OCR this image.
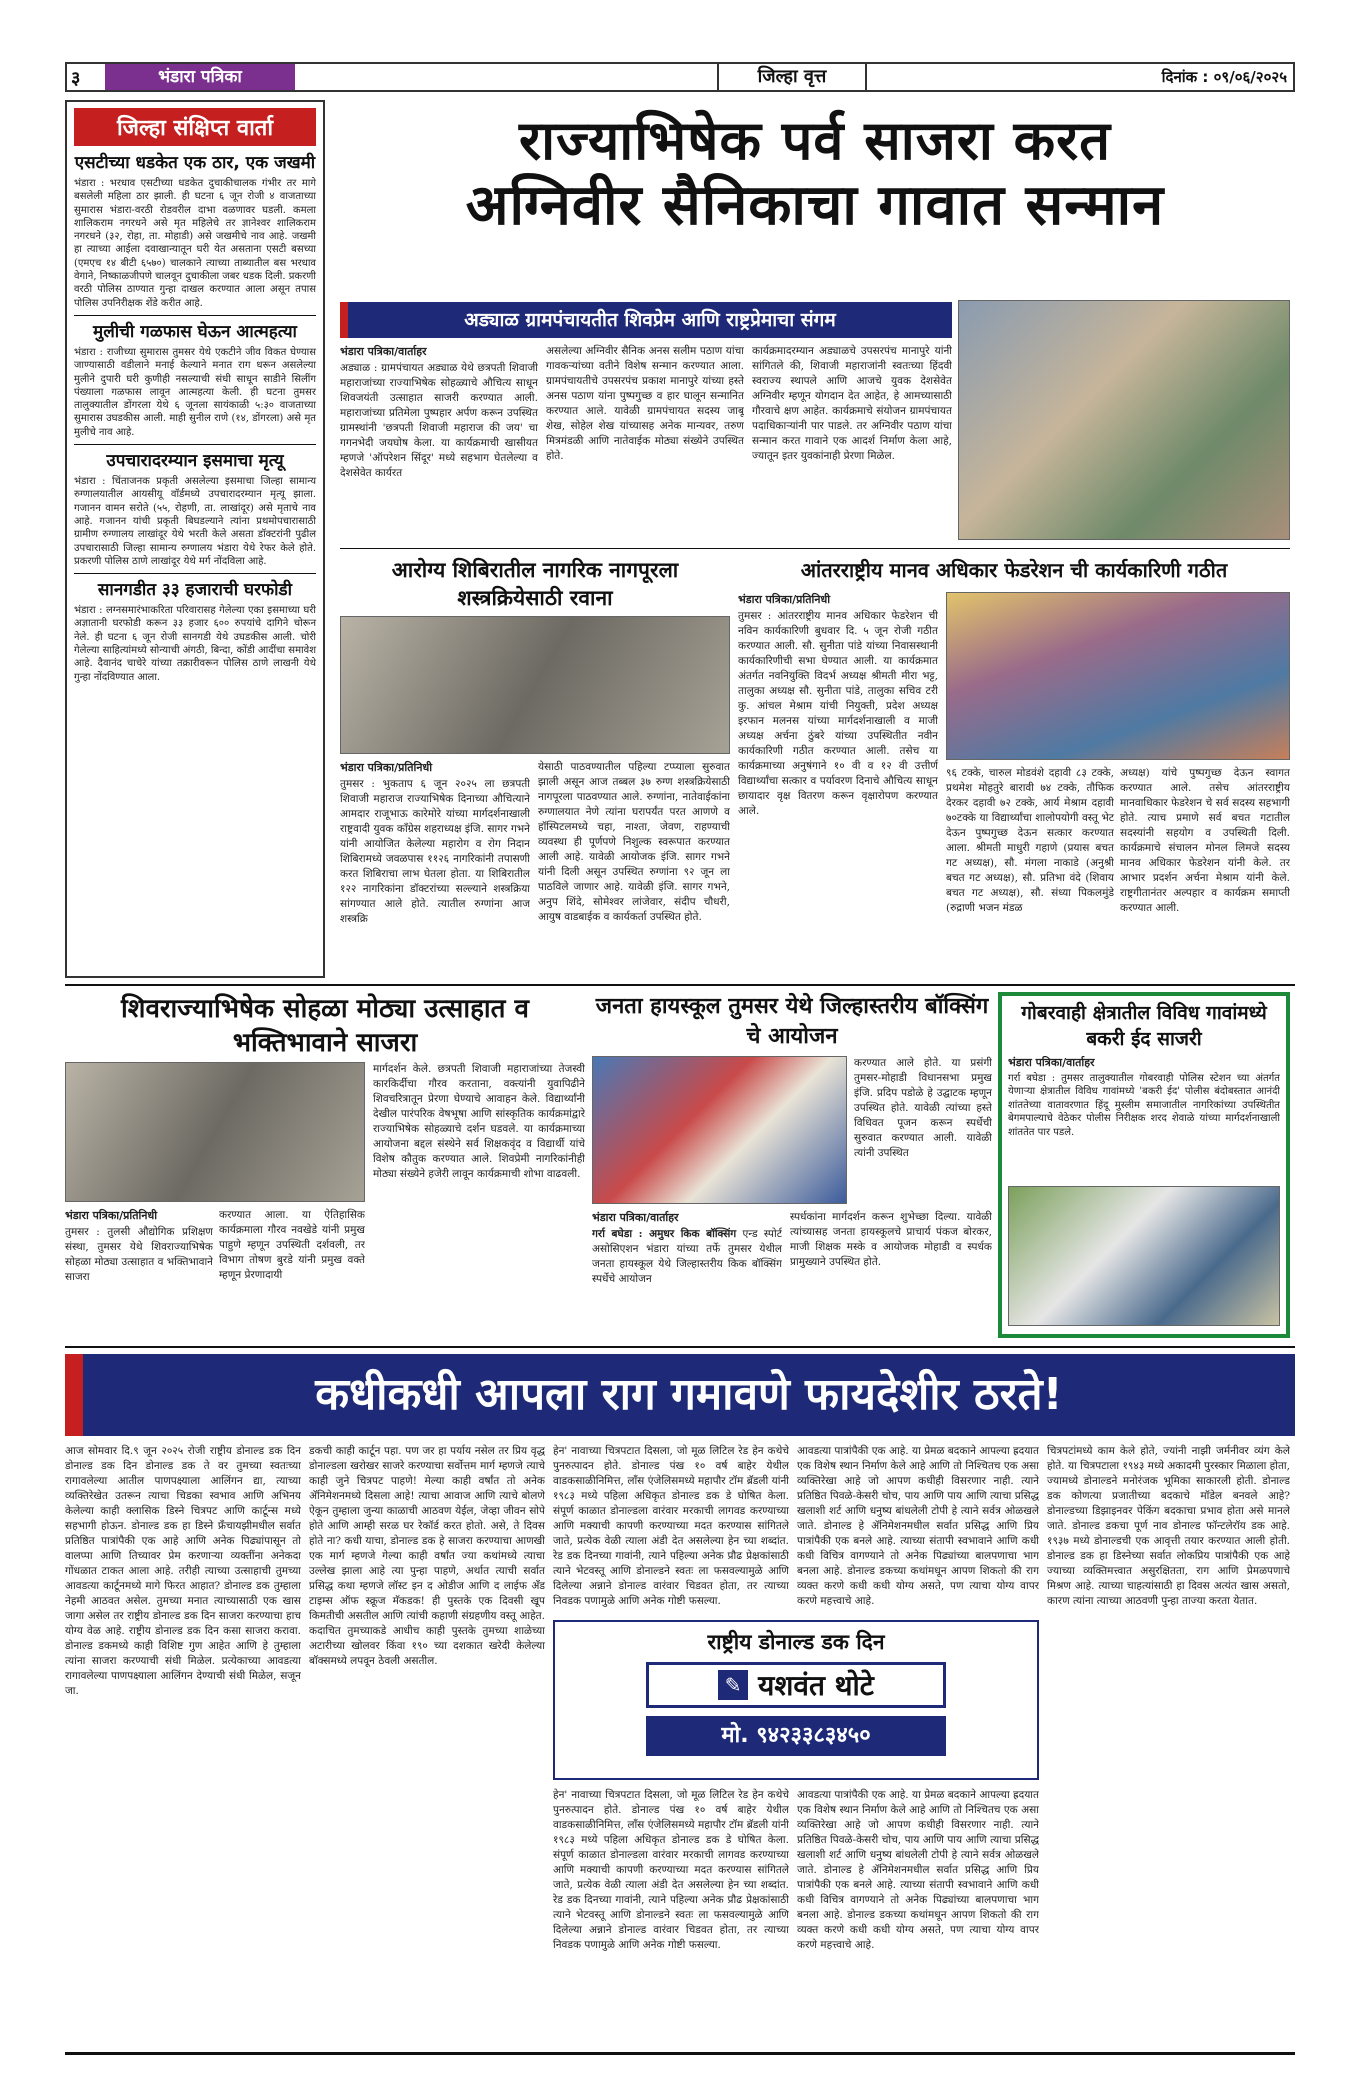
३	भंडारा पत्रिका	जिल्हा वृत्त	दिनांक : ०९/०६/२०२५
जिल्हा संक्षिप्त वार्ता
एसटीच्या धडकेत एक ठार, एक जखमी
भंडारा : भरधाव एसटीच्या धडकेत दुचाकीचालक गंभीर तर मागे बसलेली महिला ठार झाली. ही घटना ६ जून रोजी ४ वाजताच्या सुमारास भंडारा-वरठी रोडवरील दाभा वळणावर घडली. कमला शालिकराम नगरधने असे मृत महिलेचे तर ज्ञानेश्वर शालिकराम नगरधने (३२, रोहा, ता. मोहाडी) असे जखमीचे नाव आहे. जखमी हा त्याच्या आईला दवाखान्यातून घरी येत असताना एसटी बसच्या (एमएच १४ बीटी ६५७०) चालकाने त्याच्या ताब्यातील बस भरधाव वेगाने, निष्काळजीपणे चालवून दुचाकीला जबर धडक दिली. प्रकरणी वरठी पोलिस ठाण्यात गुन्हा दाखल करण्यात आला असून तपास पोलिस उपनिरीक्षक शेंडे करीत आहे.
मुलीची गळफास घेऊन आत्महत्या
भंडारा : राजीच्या सुमारास तुमसर येथे एकटीने जीव विकत घेण्यास जाण्यासाठी वडीलाने मनाई केल्याने मनात राग धरून असलेल्या मुलीने दुपारी घरी कुणीही नसल्याची संधी साधून साडीने सिलींग पंख्याला गळफास लावून आत्महत्या केली. ही घटना तुमसर तालुक्यातील डोंगरला येथे ६ जूनला सायंकाळी ५:३० वाजताच्या सुमारास उघडकीस आली. माही सुनील राणे (१४, डोंगरला) असे मृत मुलीचे नाव आहे.
उपचारादरम्यान इसमाचा मृत्यू
भंडारा : चिंताजनक प्रकृती असलेल्या इसमाचा जिल्हा सामान्य रुग्णालयातील आयसीयू वॉर्डमध्ये उपचारादरम्यान मृत्यू झाला. गजानन वामन सरोते (५५, रोहणी, ता. लाखांदूर) असे मृताचे नाव आहे. गजानन यांची प्रकृती बिघडल्याने त्यांना प्रथमोपचारासाठी ग्रामीण रुग्णालय लाखांदूर येथे भरती केले असता डॉक्टरांनी पुढील उपचारासाठी जिल्हा सामान्य रुग्णालय भंडारा येथे रेफर केले होते. प्रकरणी पोलिस ठाणे लाखांदूर येथे मर्ग नोंदविला आहे.
सानगडीत ३३ हजाराची घरफोडी
भंडारा : लग्नसमारंभाकरिता परिवारासह गेलेल्या एका इसमाच्या घरी अज्ञातानी घरफोडी करून ३३ हजार ६०० रुपयांचे दागिने चोरून नेले. ही घटना ६ जून रोजी सानगडी येथे उघडकीस आली. चोरी गेलेल्या साहित्यांमध्ये सोन्याची अंगठी, बिन्दा, कोंडी आदींचा समावेश आहे. दैवानंद चाचेरे यांच्या तक्रारीवरून पोलिस ठाणे लाखनी येथे गुन्हा नोंदविण्यात आला.
राज्याभिषेक पर्व साजरा करत
अग्निवीर सैनिकाचा गावात सन्मान
अड्याळ ग्रामपंचायतीत शिवप्रेम आणि राष्ट्रप्रेमाचा संगम
भंडारा पत्रिका/वार्ताहर
अड्याळ : ग्रामपंचायत अड्याळ येथे छत्रपती शिवाजी महाराजांच्या राज्याभिषेक सोहळ्याचे औचित्य साधून शिवजयंती उत्साहात साजरी करण्यात आली. महाराजांच्या प्रतिमेला पुष्पहार अर्पण करून उपस्थित ग्रामस्थांनी 'छत्रपती शिवाजी महाराज की जय' चा गगनभेदी जयघोष केला. या कार्यक्रमाची खासीयत म्हणजे 'ऑपरेशन सिंदूर' मध्ये सहभाग घेतलेल्या व देशसेवेत कार्यरत
असलेल्या अग्निवीर सैनिक अनस सलीम पठाण यांचा गावकऱ्यांच्या वतीने विशेष सन्मान करण्यात आला. ग्रामपंचायतीचे उपसरपंच प्रकाश मानापुरे यांच्या हस्ते अनस पठाण यांना पुष्पगुच्छ व हार घालून सन्मानित करण्यात आले. यावेळी ग्रामपंचायत सदस्य जाबू शेख, सोहेल शेख यांच्यासह अनेक मान्यवर, तरुण मित्रमंडळी आणि नातेवाईक मोठ्या संख्येने उपस्थित होते.
कार्यक्रमादरम्यान अड्याळचे उपसरपंच मानापुरे यांनी सांगितले की, शिवाजी महाराजांनी स्वतःच्या हिंदवी स्वराज्य स्थापले आणि आजचे युवक देशसेवेत अग्निवीर म्हणून योगदान देत आहेत, हे आमच्यासाठी गौरवाचे क्षण आहेत. कार्यक्रमाचे संयोजन ग्रामपंचायत पदाधिकाऱ्यांनी पार पाडले. तर अग्निवीर पठाण यांचा सन्मान करत गावाने एक आदर्श निर्माण केला आहे, ज्यातून इतर युवकांनाही प्रेरणा मिळेल.
आरोग्य शिबिरातील नागरिक नागपूरला शस्त्रक्रियेसाठी रवाना
भंडारा पत्रिका/प्रतिनिधी
तुमसर : भुकताप ६ जून २०२५ ला छत्रपती शिवाजी महाराज राज्याभिषेक दिनाच्या औचित्याने आमदार राजूभाऊ कारेमोरे यांच्या मार्गदर्शनाखाली राष्ट्रवादी युवक काँग्रेस शहराध्यक्ष इंजि. सागर गभने यांनी आयोजित केलेल्या महारोग व रोग निदान शिबिरामध्ये जवळपास ११२६ नागरिकांनी तपासणी करत शिबिराचा लाभ घेतला होता. या शिबिरातील १२२ नागरिकांना डॉक्टरांच्या सल्ल्याने शस्त्रक्रिया सांगण्यात आले होते. त्यातील रुग्णांना आज शस्त्रक्रि
येसाठी पाठवण्यातील पहिल्या टप्प्याला सुरुवात झाली असून आज तब्बल ३७ रुग्ण शस्त्रक्रियेसाठी नागपूरला पाठवण्यात आले. रुग्णांना, नातेवाईकांना रुग्णालयात नेणे त्यांना घरापर्यंत परत आणणे व हॉस्पिटलमध्ये चहा, नाश्ता, जेवण, राहण्याची व्यवस्था ही पूर्णपणे निशुल्क स्वरूपात करण्यात आली आहे. यावेळी आयोजक इंजि. सागर गभने यांनी दिली असून उपस्थित रुग्णांना ९२ जून ला पाठविले जाणार आहे. यावेळी इंजि. सागर गभने, अनुप शिंदे, सोमेश्वर लांजेवार, संदीप चौधरी, आयुष वाडबाईक व कार्यकर्ता उपस्थित होते.
आंतरराष्ट्रीय मानव अधिकार फेडरेशन ची कार्यकारिणी गठीत
भंडारा पत्रिका/प्रतिनिधी
तुमसर : आंतरराष्ट्रीय मानव अधिकार फेडरेशन ची नविन कार्यकारिणी बुधवार दि. ५ जून रोजी गठीत करण्यात आली. सौ. सुनीता पांडे यांच्या निवासस्थानी कार्यकारिणीची सभा घेण्यात आली. या कार्यक्रमात अंतर्गत नवनियुक्ति विदर्भ अध्यक्ष श्रीमती मीरा भट्ट, तालुका अध्यक्ष सौ. सुनीता पांडे, तालुका सचिव टरी कु. आंचल मेश्राम यांची नियुक्ती, प्रदेश अध्यक्ष इरफान मलनस यांच्या मार्गदर्शनाखाली व माजी अध्यक्ष अर्चना ठुंबरे यांच्या उपस्थितीत नवीन कार्यकारिणी गठीत करण्यात आली. तसेच या कार्यक्रमाच्या अनुषंगाने १० वी व १२ वी उत्तीर्ण विद्यार्थ्यांचा सत्कार व पर्यावरण दिनाचे औचित्य साधून छायादार वृक्ष वितरण करून वृक्षारोपण करण्यात आले.
९६ टक्के, चारुल मोडवंशे दहावी ८३ टक्के, प्रथमेश मोहतुरे बारावी ७४ टक्के, तौफिक देरकर दहावी ७२ टक्के, आर्य मेश्राम दहावी ७०टक्के या विद्यार्थ्यांचा शालोपयोगी वस्तू भेट देऊन पुष्पगुच्छ देऊन सत्कार करण्यात आला. श्रीमती माधुरी गहाणे (प्रयास बचत गट अध्यक्ष), सौ. मंगला नाकाडे (अनुश्री बचत गट अध्यक्ष), सौ. प्रतिभा वंदे (शिवाय बचत गट अध्यक्ष), सौ. संध्या पिकलमुंडे (रुद्राणी भजन मंडळ
अध्यक्ष) यांचे पुष्पगुच्छ देऊन स्वागत करण्यात आले. तसेच आंतरराष्ट्रीय मानवाधिकार फेडरेशन चे सर्व सदस्य सहभागी होते. त्याच प्रमाणे सर्व बचत गटातील सदस्यांनी सहयोग व उपस्थिती दिली. कार्यक्रमाचे संचालन मोनल लिमजे सदस्य मानव अधिकार फेडरेशन यांनी केले. तर आभार प्रदर्शन अर्चना मेश्राम यांनी केले. राष्ट्रगीतानंतर अल्पहार व कार्यक्रम समाप्ती करण्यात आली.
शिवराज्याभिषेक सोहळा मोठ्या उत्साहात व भक्तिभावाने साजरा
भंडारा पत्रिका/प्रतिनिधी
तुमसर : तुलसी औद्योगिक प्रशिक्षण संस्था, तुमसर येथे शिवराज्याभिषेक सोहळा मोठ्या उत्साहात व भक्तिभावाने साजरा
करण्यात आला. या ऐतिहासिक कार्यक्रमाला गौरव नवखेडे यांनी प्रमुख पाहुणे म्हणून उपस्थिती दर्शवली, तर विभाग तोषण बुरडे यांनी प्रमुख वक्ते म्हणून प्रेरणादायी
मार्गदर्शन केले. छत्रपती शिवाजी महाराजांच्या तेजस्वी कारकिर्दीचा गौरव करताना, वक्त्यांनी युवापिढीने शिवचरित्रातून प्रेरणा घेण्याचे आवाहन केले. विद्यार्थ्यांनी देखील पारंपरिक वेषभूषा आणि सांस्कृतिक कार्यक्रमांद्वारे राज्याभिषेक सोहळ्याचे दर्शन घडवले. या कार्यक्रमाच्या आयोजना बद्दल संस्थेने सर्व शिक्षकवृंद व विद्यार्थी यांचे विशेष कौतुक करण्यात आले. शिवप्रेमी नागरिकांनीही मोठ्या संख्येने हजेरी लावून कार्यक्रमाची शोभा वाढवली.
जनता हायस्कूल तुमसर येथे जिल्हास्तरीय बॉक्सिंग चे आयोजन
करण्यात आले होते. या प्रसंगी तुमसर-मोहाडी विधानसभा प्रमुख इंजि. प्रदिप पडोळे हे उद्घाटक म्हणून उपस्थित होते. यावेळी त्यांच्या हस्ते विधिवत पूजन करून स्पर्धेची सुरुवात करण्यात आली. यावेळी त्यांनी उपस्थित
भंडारा पत्रिका/वार्ताहर
गर्रा बघेडा : अमुधर किक बॉक्सिंग एन्ड स्पोर्ट असोसिएशन भंडारा यांच्या तर्फे तुमसर येथील जनता हायस्कूल येथे जिल्हास्तरीय किक बॉक्सिंग स्पर्धेचे आयोजन
स्पर्धकांना मार्गदर्शन करून शुभेच्छा दिल्या. यावेळी त्यांच्यासह जनता हायस्कूलचे प्राचार्य पंकज बोरकर, माजी शिक्षक मस्के व आयोजक मोहाडी व स्पर्धक प्रामुख्याने उपस्थित होते.
गोबरवाही क्षेत्रातील विविध गावांमध्ये बकरी ईद साजरी
भंडारा पत्रिका/वार्ताहर
गर्रा बघेडा : तुमसर तालुक्यातील गोबरवाही पोलिस स्टेशन च्या अंतर्गत येणाऱ्या क्षेत्रातील विविध गावांमध्ये 'बकरी ईद' पोलीस बंदोबस्तात आनंदी शांततेच्या वातावरणात हिंदू मुस्लीम समाजातील नागरिकांच्या उपस्थितीत बेगमपाल्याचे वेठेकर पोलीस निरीक्षक शरद शेवाळे यांच्या मार्गदर्शनाखाली शांततेत पार पडले.
कधीकधी आपला राग गमावणे फायदेशीर ठरते!
आज सोमवार दि.९ जून २०२५ रोजी राष्ट्रीय डोनाल्ड डक दिन डोनाल्ड डक दिन डोनाल्ड डक ते वर तुमच्या स्वतःच्या रागावलेल्या आतील पाणपक्ष्याला आलिंगन द्या, त्याच्या व्यक्तिरेखेत उतरून त्याचा चिडका स्वभाव आणि अभिनय केलेल्या काही क्लासिक डिस्ने चित्रपट आणि कार्टून्स मध्ये सहभागी होऊन. डोनाल्ड डक हा डिस्ने फ्रँचायझीमधील सर्वात प्रतिष्ठित पात्रांपैकी एक आहे आणि अनेक पिढ्यांपासून तो वालप्पा आणि तिच्यावर प्रेम करणाऱ्या व्यक्तींना अनेकदा गोंधळात टाकत आला आहे. तरीही त्याच्या उत्साहाची तुमच्या आवडत्या कार्टूनमध्ये मागे फिरत आहात? डोनाल्ड डक तुम्हाला नेहमी आठवत असेल. तुमच्या मनात त्याच्यासाठी एक खास जागा असेल तर राष्ट्रीय डोनाल्ड डक दिन साजरा करण्याचा हाच योग्य वेळ आहे. राष्ट्रीय डोनाल्ड डक दिन कसा साजरा करावा. डोनाल्ड डकमध्ये काही विशिष्ट गुण आहेत आणि हे तुम्हाला त्यांना साजरा करण्याची संधी मिळेल. प्रत्येकाच्या आवडत्या रागावलेल्या पाणपक्ष्याला आलिंगन देण्याची संधी मिळेल, सजून जा.
डकची काही कार्टून पहा. पण जर हा पर्याय नसेल तर प्रिय वृद्ध डोनाल्डला खरोखर साजरे करण्याचा सर्वोत्तम मार्ग म्हणजे त्याचे काही जुने चित्रपट पाहणे! मेल्या काही वर्षांत तो अनेक ॲनिमेशनमध्ये दिसला आहे! त्याचा आवाज आणि त्याचे बोलणे ऐकून तुम्हाला जुन्या काळाची आठवण येईल, जेव्हा जीवन सोपे होते आणि आम्ही सरळ घर रेकॉर्ड करत होतो. असे, ते दिवस होते ना? कधी याचा, डोनाल्ड डक हे साजरा करण्याचा आणखी एक मार्ग म्हणजे गेल्या काही वर्षांत ज्या कथांमध्ये त्याचा उल्लेख झाला आहे त्या पुन्हा पाहणे, अर्थात त्याची सर्वात प्रसिद्ध कथा म्हणजे लॉस्ट इन द ओडीज आणि द लाईफ अँड टाइम्स ऑफ स्क्रूज मॅकडक! ही पुस्तके एक दिवसी खूप किमतीची असतील आणि त्यांची कहाणी संग्रहणीय वस्तू आहेत. कदाचित तुमच्याकडे आधीच काही पुस्तके तुमच्या शाळेच्या अटारीच्या खोलवर किंवा १९० च्या दशकात खरेदी केलेल्या बॉक्समध्ये लपवून ठेवली असतील.
हेन' नावाच्या चित्रपटात दिसला, जो मूळ लिटिल रेड हेन कथेचे पुनरुत्पादन होते. डोनाल्ड पंख १० वर्ष बाहेर येथील वाडकसाळीनिमित्त, लाँस एंजेलिसमध्ये महापौर टॉम ब्रॅडली यांनी १९८३ मध्ये पहिला अधिकृत डोनाल्ड डक डे घोषित केला. संपूर्ण काळात डोनाल्डला वारंवार मरकाची लागवड करण्याच्या आणि मक्याची कापणी करण्याच्या मदत करण्यास सांगितले जाते, प्रत्येक वेळी त्याला अंडी देत असलेल्या हेन च्या शब्दांत. रेड डक दिनच्या गावांनी, त्याने पहिल्या अनेक प्रौढ प्रेक्षकांसाठी त्याने भेटवस्तू आणि डोनाल्डने स्वतः ला फसवल्यामुळे आणि दिलेल्या अन्नाने डोनाल्ड वारंवार चिडवत होता, तर त्याच्या निवडक पणामुळे आणि अनेक गोष्टी फसल्या.
राष्ट्रीय डोनाल्ड डक दिन
✎ यशवंत थोटे
मो. ९४२३३८३४५०
हेन' नावाच्या चित्रपटात दिसला, जो मूळ लिटिल रेड हेन कथेचे पुनरुत्पादन होते. डोनाल्ड पंख १० वर्ष बाहेर येथील वाडकसाळीनिमित्त, लाँस एंजेलिसमध्ये महापौर टॉम ब्रॅडली यांनी १९८३ मध्ये पहिला अधिकृत डोनाल्ड डक डे घोषित केला. संपूर्ण काळात डोनाल्डला वारंवार मरकाची लागवड करण्याच्या आणि मक्याची कापणी करण्याच्या मदत करण्यास सांगितले जाते, प्रत्येक वेळी त्याला अंडी देत असलेल्या हेन च्या शब्दांत. रेड डक दिनच्या गावांनी, त्याने पहिल्या अनेक प्रौढ प्रेक्षकांसाठी त्याने भेटवस्तू आणि डोनाल्डने स्वतः ला फसवल्यामुळे आणि दिलेल्या अन्नाने डोनाल्ड वारंवार चिडवत होता, तर त्याच्या निवडक पणामुळे आणि अनेक गोष्टी फसल्या.
आवडत्या पात्रांपैकी एक आहे. या प्रेमळ बदकाने आपल्या ह्रदयात एक विशेष स्थान निर्माण केले आहे आणि तो निश्चितच एक असा व्यक्तिरेखा आहे जो आपण कधीही विसरणार नाही. त्याने प्रतिष्ठित पिवळे-केसरी चोच, पाय आणि पाय आणि त्याचा प्रसिद्ध खलाशी शर्ट आणि धनुष्य बांधलेली टोपी हे त्याने सर्वत्र ओळखले जाते. डोनाल्ड हे ॲनिमेशनमधील सर्वात प्रसिद्ध आणि प्रिय पात्रांपैकी एक बनले आहे. त्याच्या संतापी स्वभावाने आणि कधी कधी विचित्र वागण्याने तो अनेक पिढ्यांच्या बालपणाचा भाग बनला आहे. डोनाल्ड डकच्या कथांमधून आपण शिकतो की राग व्यक्त करणे कधी कधी योग्य असते, पण त्याचा योग्य वापर करणे महत्त्वाचे आहे.
आवडत्या पात्रांपैकी एक आहे. या प्रेमळ बदकाने आपल्या ह्रदयात एक विशेष स्थान निर्माण केले आहे आणि तो निश्चितच एक असा व्यक्तिरेखा आहे जो आपण कधीही विसरणार नाही. त्याने प्रतिष्ठित पिवळे-केसरी चोच, पाय आणि पाय आणि त्याचा प्रसिद्ध खलाशी शर्ट आणि धनुष्य बांधलेली टोपी हे त्याने सर्वत्र ओळखले जाते. डोनाल्ड हे ॲनिमेशनमधील सर्वात प्रसिद्ध आणि प्रिय पात्रांपैकी एक बनले आहे. त्याच्या संतापी स्वभावाने आणि कधी कधी विचित्र वागण्याने तो अनेक पिढ्यांच्या बालपणाचा भाग बनला आहे. डोनाल्ड डकच्या कथांमधून आपण शिकतो की राग व्यक्त करणे कधी कधी योग्य असते, पण त्याचा योग्य वापर करणे महत्त्वाचे आहे.
चित्रपटांमध्ये काम केले होते, ज्यांनी नाझी जर्मनीवर व्यंग केले होते. या चित्रपटाला १९४३ मध्ये अकादमी पुरस्कार मिळाला होता, ज्यामध्ये डोनाल्डने मनोरंजक भूमिका साकारली होती. डोनाल्ड डक कोणत्या प्रजातीच्या बदकाचे मॉडेल बनवले आहे? डोनाल्डच्या डिझाइनवर पेकिंग बदकाचा प्रभाव होता असे मानले जाते. डोनाल्ड डकचा पूर्ण नाव डोनाल्ड फॉन्टलेरॉय डक आहे. १९३७ मध्ये डोनाल्डची एक आवृत्ती तयार करण्यात आली होती. डोनाल्ड डक हा डिस्नेच्या सर्वात लोकप्रिय पात्रांपैकी एक आहे ज्याच्या व्यक्तिमत्त्वात असुरक्षितता, राग आणि प्रेमळपणाचे मिश्रण आहे. त्याच्या चाहत्यांसाठी हा दिवस अत्यंत खास असतो, कारण त्यांना त्याच्या आठवणी पुन्हा ताज्या करता येतात.
